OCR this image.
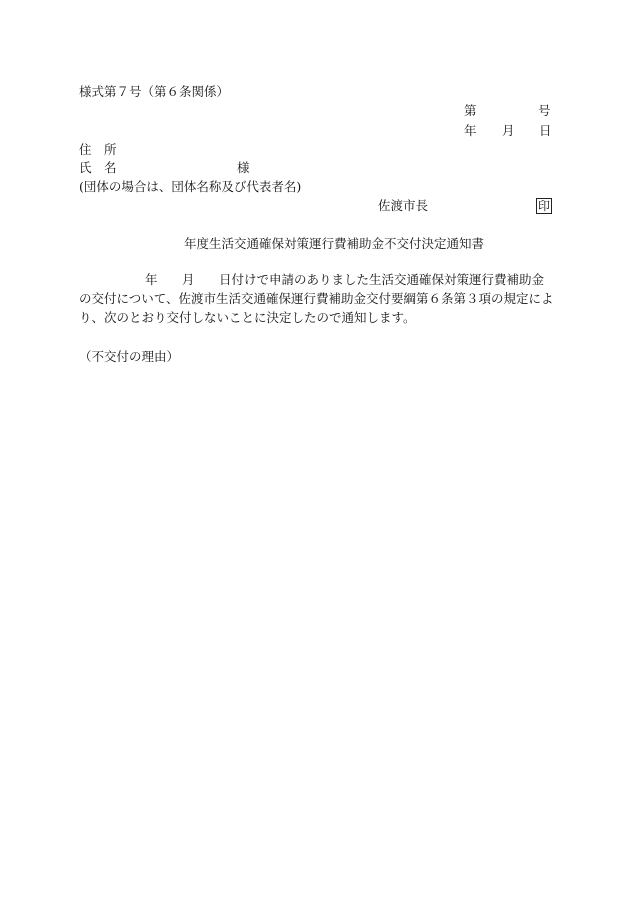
様式第７号（第６条関係）
第	号
年 月 日
住　所
氏　名	様
(団体の場合は、団体名称及び代表者名)
佐渡市長	印
年度生活交通確保対策運行費補助金不交付決定通知書
年 月 日付けで申請のありました生活交通確保対策運行費補助金
の交付について、佐渡市生活交通確保運行費補助金交付要綱第６条第３項の規定によ
り、次のとおり交付しないことに決定したので通知します。
（不交付の理由）
